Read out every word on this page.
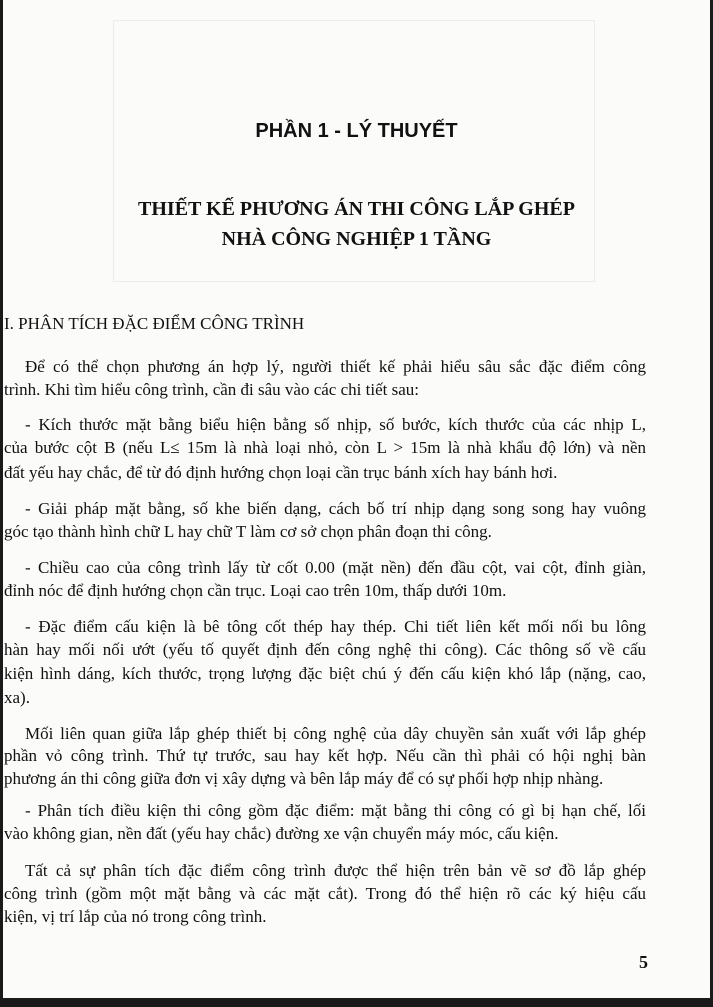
PHẦN 1 - LÝ THUYẾT
THIẾT KẾ PHƯƠNG ÁN THI CÔNG LẮP GHÉP
NHÀ CÔNG NGHIỆP 1 TẦNG
I. PHÂN TÍCH ĐẶC ĐIỂM CÔNG TRÌNH
Để có thể chọn phương án hợp lý, người thiết kế phải hiểu sâu sắc đặc điểm công
trình. Khi tìm hiểu công trình, cần đi sâu vào các chi tiết sau:
- Kích thước mặt bằng biểu hiện bằng số nhịp, số bước, kích thước của các nhịp L,
của bước cột B (nếu L≤ 15m là nhà loại nhỏ, còn L > 15m là nhà khẩu độ lớn) và nền
đất yếu hay chắc, để từ đó định hướng chọn loại cần trục bánh xích hay bánh hơi.
- Giải pháp mặt bằng, số khe biến dạng, cách bố trí nhịp dạng song song hay vuông
góc tạo thành hình chữ L hay chữ T làm cơ sở chọn phân đoạn thi công.
- Chiều cao của công trình lấy từ cốt 0.00 (mặt nền) đến đầu cột, vai cột, đỉnh giàn,
đỉnh nóc để định hướng chọn cần trục. Loại cao trên 10m, thấp dưới 10m.
- Đặc điểm cấu kiện là bê tông cốt thép hay thép. Chi tiết liên kết mối nối bu lông
hàn hay mối nối ướt (yếu tố quyết định đến công nghệ thi công). Các thông số về cấu
kiện hình dáng, kích thước, trọng lượng đặc biệt chú ý đến cấu kiện khó lắp (nặng, cao,
xa).
Mối liên quan giữa lắp ghép thiết bị công nghệ của dây chuyền sản xuất với lắp ghép
phần vỏ công trình. Thứ tự trước, sau hay kết hợp. Nếu cần thì phải có hội nghị bàn
phương án thi công giữa đơn vị xây dựng và bên lắp máy để có sự phối hợp nhịp nhàng.
- Phân tích điều kiện thi công gồm đặc điểm: mặt bằng thi công có gì bị hạn chế, lối
vào không gian, nền đất (yếu hay chắc) đường xe vận chuyển máy móc, cấu kiện.
Tất cả sự phân tích đặc điểm công trình được thể hiện trên bản vẽ sơ đồ lắp ghép
công trình (gồm một mặt bằng và các mặt cắt). Trong đó thể hiện rõ các ký hiệu cấu
kiện, vị trí lắp của nó trong công trình.
5
